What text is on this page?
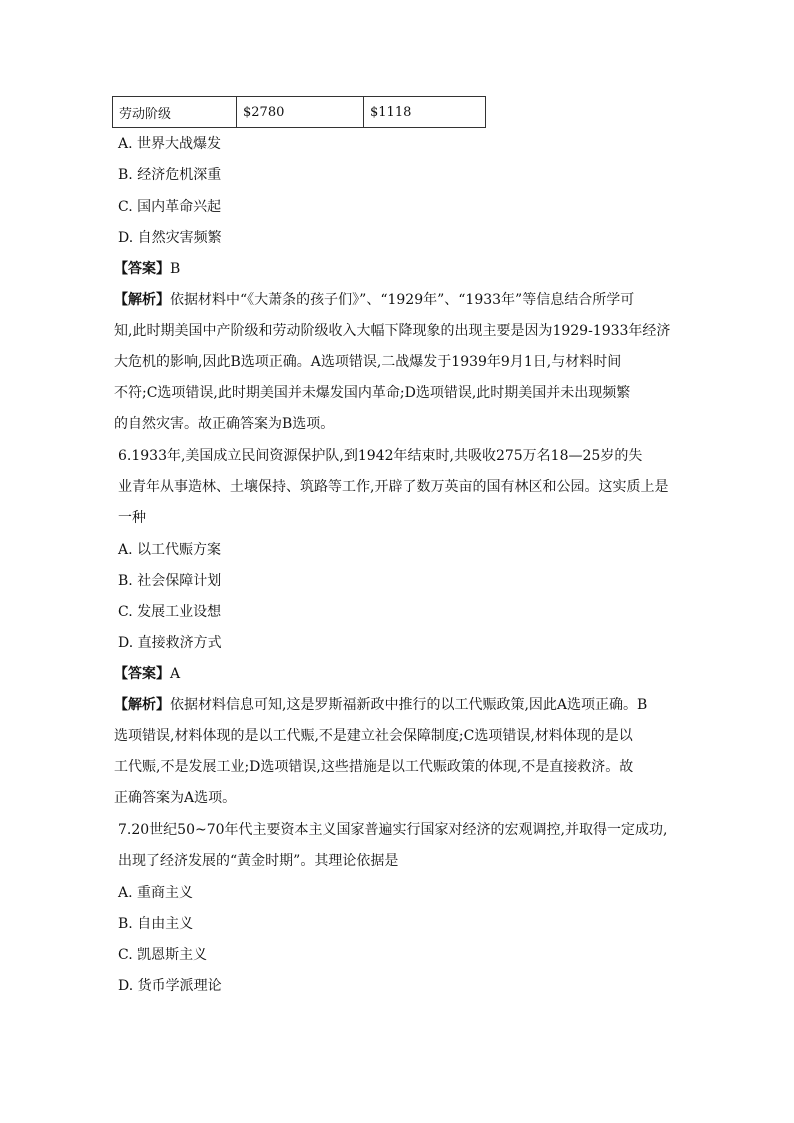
劳动阶级	$2780	$1118
A. 世界大战爆发
B. 经济危机深重
C. 国内革命兴起
D. 自然灾害频繁
【答案】B
【解析】依据材料中“《大萧条的孩子们》”、“1929年”、“1933年”等信息结合所学可
知,此时期美国中产阶级和劳动阶级收入大幅下降现象的出现主要是因为1929-1933年经济
大危机的影响,因此B选项正确。A选项错误,二战爆发于1939年9月1日,与材料时间
不符;C选项错误,此时期美国并未爆发国内革命;D选项错误,此时期美国并未出现频繁
的自然灾害。故正确答案为B选项。
6.1933年,美国成立民间资源保护队,到1942年结束时,共吸收275万名18—25岁的失
业青年从事造林、土壤保持、筑路等工作,开辟了数万英亩的国有林区和公园。这实质上是
一种
A. 以工代赈方案
B. 社会保障计划
C. 发展工业设想
D. 直接救济方式
【答案】A
【解析】依据材料信息可知,这是罗斯福新政中推行的以工代赈政策,因此A选项正确。B
选项错误,材料体现的是以工代赈,不是建立社会保障制度;C选项错误,材料体现的是以
工代赈,不是发展工业;D选项错误,这些措施是以工代赈政策的体现,不是直接救济。故
正确答案为A选项。
7.20世纪50~70年代主要资本主义国家普遍实行国家对经济的宏观调控,并取得一定成功,
出现了经济发展的“黄金时期”。其理论依据是
A. 重商主义
B. 自由主义
C. 凯恩斯主义
D. 货币学派理论
